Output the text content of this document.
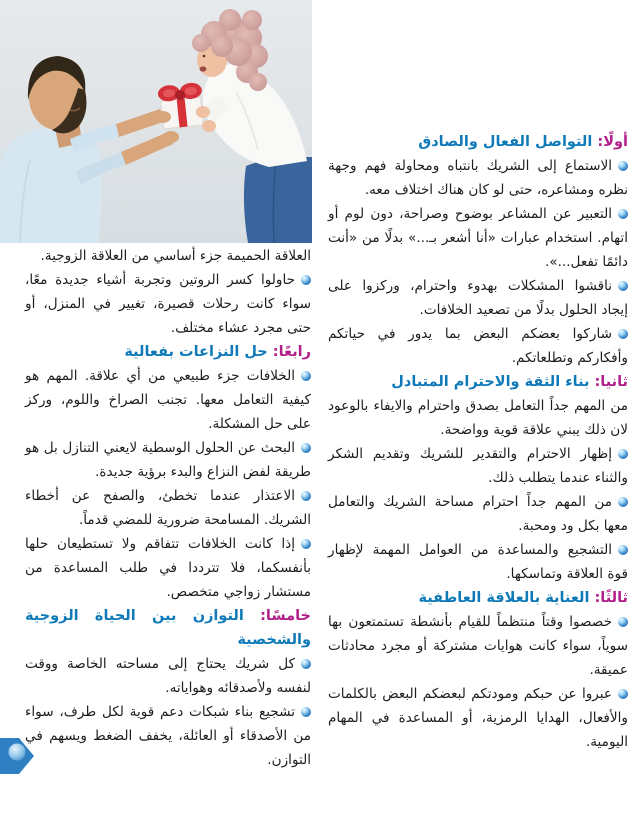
أولًا: التواصل الفعال والصادق

الاستماع إلى الشريك بانتباه ومحاولة فهم وجهة نظره ومشاعره، حتى لو كان هناك اختلاف معه.

التعبير عن المشاعر بوضوح وصراحة، دون لوم أو اتهام. استخدام عبارات «أنا أشعر بـ...» بدلًا من «أنت دائمًا تفعل...».

ناقشوا المشكلات بهدوء واحترام، وركزوا على إيجاد الحلول بدلًا من تصعيد الخلافات.

شاركوا بعضكم البعض بما يدور في حياتكم وأفكاركم وتطلعاتكم.

ثانيا: بناء الثقة والاحترام المتبادل

من المهم جداً التعامل بصدق واحترام والايفاء بالوعود لان ذلك يبني علاقة قوية وواضحة.

إظهار الاحترام والتقدير للشريك وتقديم الشكر والثناء عندما يتطلب ذلك.

من المهم جداً احترام مساحة الشريك والتعامل معها بكل ود ومحبة.

التشجيع والمساعدة من العوامل المهمة لإظهار قوة العلاقة وتماسكها.

ثالثًا: العناية بالعلاقة العاطفية

خصصوا وقتاً منتظماً للقيام بأنشطة تستمتعون بها سوياً، سواء كانت هوايات مشتركة أو مجرد محادثات عميقة.

عبروا عن حبكم ومودتكم لبعضكم البعض بالكلمات والأفعال، الهدايا الرمزية، أو المساعدة في المهام اليومية.

العلاقة الحميمة جزء أساسي من العلاقة الزوجية.

حاولوا كسر الروتين وتجربة أشياء جديدة معًا، سواء كانت رحلات قصيرة، تغيير في المنزل، أو حتى مجرد عشاء مختلف.

رابعًا: حل النزاعات بفعالية

الخلافات جزء طبيعي من أي علاقة. المهم هو كيفية التعامل معها. تجنب الصراخ واللوم، وركز على حل المشكلة.

البحث عن الحلول الوسطية لايعني التنازل بل هو طريقة لفض النزاع والبدء برؤية جديدة.

الاعتذار عندما تخطئ، والصفح عن أخطاء الشريك. المسامحة ضرورية للمضي قدماً.

إذا كانت الخلافات تتفاقم ولا تستطيعان حلها بأنفسكما، فلا تترددا في طلب المساعدة من مستشار زواجي متخصص.

خامسًا: التوازن بين الحياة الزوجية والشخصية

كل شريك يحتاج إلى مساحته الخاصة ووقت لنفسه ولأصدقائه وهواياته.

تشجيع بناء شبكات دعم قوية لكل طرف، سواء من الأصدقاء أو العائلة، يخفف الضغط ويسهم في التوازن.
